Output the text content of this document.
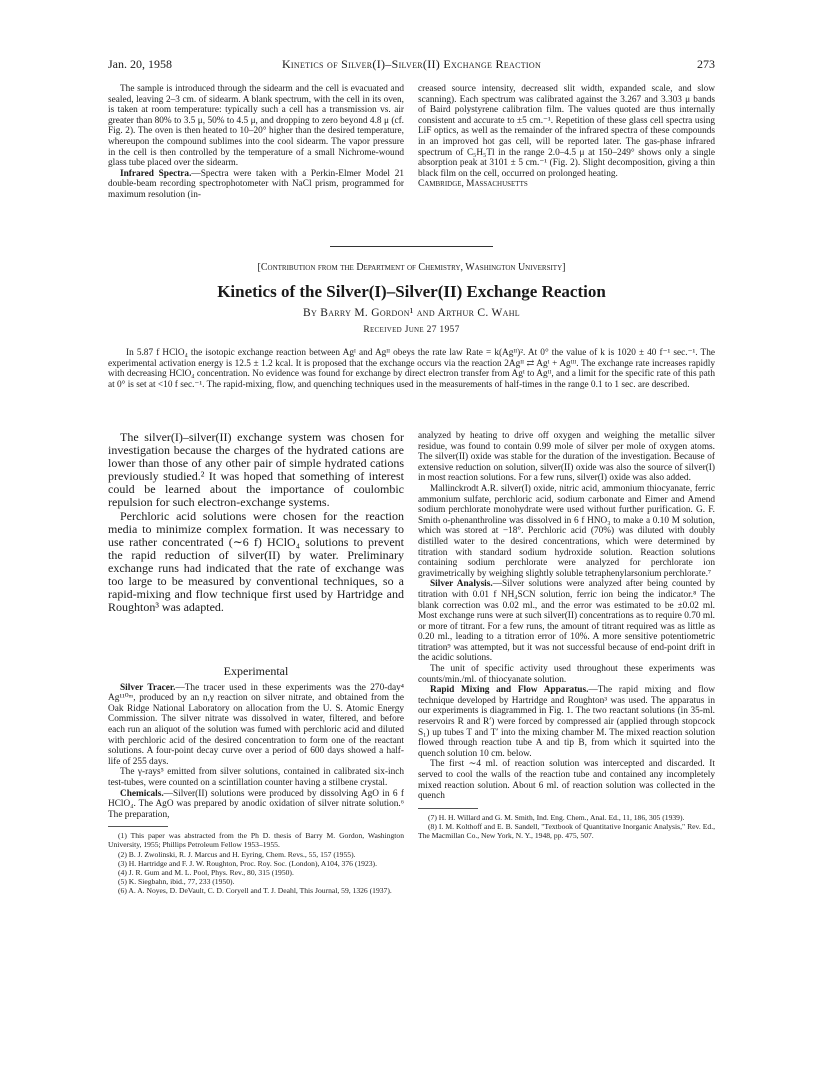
Jan. 20, 1958	Kinetics of Silver(I)–Silver(II) Exchange Reaction	273

The sample is introduced through the sidearm and the cell is evacuated and sealed, leaving 2–3 cm. of sidearm. A blank spectrum, with the cell in its oven, is taken at room temperature: typically such a cell has a transmission vs. air greater than 80% to 3.5 μ, 50% to 4.5 μ, and dropping to zero beyond 4.8 μ (cf. Fig. 2). The oven is then heated to 10–20° higher than the desired temperature, whereupon the compound sublimes into the cool sidearm. The vapor pressure in the cell is then controlled by the temperature of a small Nichrome-wound glass tube placed over the sidearm.

Infrared Spectra.—Spectra were taken with a Perkin-Elmer Model 21 double-beam recording spectrophotometer with NaCl prism, programmed for maximum resolution (in-

creased source intensity, decreased slit width, expanded scale, and slow scanning). Each spectrum was calibrated against the 3.267 and 3.303 μ bands of Baird polystyrene calibration film. The values quoted are thus internally consistent and accurate to ±5 cm.⁻¹. Repetition of these glass cell spectra using LiF optics, as well as the remainder of the infrared spectra of these compounds in an improved hot gas cell, will be reported later. The gas-phase infrared spectrum of C₅H₅Tl in the range 2.0–4.5 μ at 150–249° shows only a single absorption peak at 3101 ± 5 cm.⁻¹ (Fig. 2). Slight decomposition, giving a thin black film on the cell, occurred on prolonged heating.

Cambridge, Massachusetts

[Contribution from the Department of Chemistry, Washington University]
Kinetics of the Silver(I)–Silver(II) Exchange Reaction
By Barry M. Gordon¹ and Arthur C. Wahl
Received June 27 1957
In 5.87 f HClO₄ the isotopic exchange reaction between Agᴵ and Agᴵᴵ obeys the rate law Rate = k(Agᴵᴵ)². At 0° the value of k is 1020 ± 40 f⁻¹ sec.⁻¹. The experimental activation energy is 12.5 ± 1.2 kcal. It is proposed that the exchange occurs via the reaction 2Agᴵᴵ ⇄ Agᴵ + Agᴵᴵᴵ. The exchange rate increases rapidly with decreasing HClO₄ concentration. No evidence was found for exchange by direct electron transfer from Agᴵ to Agᴵᴵ, and a limit for the specific rate of this path at 0° is set at <10 f sec.⁻¹. The rapid-mixing, flow, and quenching techniques used in the measurements of half-times in the range 0.1 to 1 sec. are described.

The silver(I)–silver(II) exchange system was chosen for investigation because the charges of the hydrated cations are lower than those of any other pair of simple hydrated cations previously studied.² It was hoped that something of interest could be learned about the importance of coulombic repulsion for such electron-exchange systems.

Perchloric acid solutions were chosen for the reaction media to minimize complex formation. It was necessary to use rather concentrated (∼6 f) HClO₄ solutions to prevent the rapid reduction of silver(II) by water. Preliminary exchange runs had indicated that the rate of exchange was too large to be measured by conventional techniques, so a rapid-mixing and flow technique first used by Hartridge and Roughton³ was adapted.

Experimental

Silver Tracer.—The tracer used in these experiments was the 270-day⁴ Ag¹¹⁰ᵐ, produced by an n,γ reaction on silver nitrate, and obtained from the Oak Ridge National Laboratory on allocation from the U. S. Atomic Energy Commission. The silver nitrate was dissolved in water, filtered, and before each run an aliquot of the solution was fumed with perchloric acid and diluted with perchloric acid of the desired concentration to form one of the reactant solutions. A four-point decay curve over a period of 600 days showed a half-life of 255 days.

The γ-rays⁵ emitted from silver solutions, contained in calibrated six-inch test-tubes, were counted on a scintillation counter having a stilbene crystal.

Chemicals.—Silver(II) solutions were produced by dissolving AgO in 6 f HClO₄. The AgO was prepared by anodic oxidation of silver nitrate solution.⁶ The preparation,

(1) This paper was abstracted from the Ph D. thesis of Barry M. Gordon, Washington University, 1955; Phillips Petroleum Fellow 1953–1955.

(2) B. J. Zwolinski, R. J. Marcus and H. Eyring, Chem. Revs., 55, 157 (1955).

(3) H. Hartridge and F. J. W. Roughton, Proc. Roy. Soc. (London), A104, 376 (1923).

(4) J. R. Gum and M. L. Pool, Phys. Rev., 80, 315 (1950).

(5) K. Siegbahn, ibid., 77, 233 (1950).

(6) A. A. Noyes, D. DeVault, C. D. Coryell and T. J. Deahl, This Journal, 59, 1326 (1937).

analyzed by heating to drive off oxygen and weighing the metallic silver residue, was found to contain 0.99 mole of silver per mole of oxygen atoms. The silver(II) oxide was stable for the duration of the investigation. Because of extensive reduction on solution, silver(II) oxide was also the source of silver(I) in most reaction solutions. For a few runs, silver(I) oxide was also added.

Mallinckrodt A.R. silver(I) oxide, nitric acid, ammonium thiocyanate, ferric ammonium sulfate, perchloric acid, sodium carbonate and Eimer and Amend sodium perchlorate monohydrate were used without further purification. G. F. Smith o-phenanthroline was dissolved in 6 f HNO₃ to make a 0.10 M solution, which was stored at −18°. Perchloric acid (70%) was diluted with doubly distilled water to the desired concentrations, which were determined by titration with standard sodium hydroxide solution. Reaction solutions containing sodium perchlorate were analyzed for perchlorate ion gravimetrically by weighing slightly soluble tetraphenylarsonium perchlorate.⁷

Silver Analysis.—Silver solutions were analyzed after being counted by titration with 0.01 f NH₄SCN solution, ferric ion being the indicator.⁸ The blank correction was 0.02 ml., and the error was estimated to be ±0.02 ml. Most exchange runs were at such silver(II) concentrations as to require 0.70 ml. or more of titrant. For a few runs, the amount of titrant required was as little as 0.20 ml., leading to a titration error of 10%. A more sensitive potentiometric titration⁹ was attempted, but it was not successful because of end-point drift in the acidic solutions.

The unit of specific activity used throughout these experiments was counts/min./ml. of thiocyanate solution.

Rapid Mixing and Flow Apparatus.—The rapid mixing and flow technique developed by Hartridge and Roughton³ was used. The apparatus in our experiments is diagrammed in Fig. 1. The two reactant solutions (in 35-ml. reservoirs R and R′) were forced by compressed air (applied through stopcock S₁) up tubes T and T′ into the mixing chamber M. The mixed reaction solution flowed through reaction tube A and tip B, from which it squirted into the quench solution 10 cm. below.

The first ∼4 ml. of reaction solution was intercepted and discarded. It served to cool the walls of the reaction tube and contained any incompletely mixed reaction solution. About 6 ml. of reaction solution was collected in the quench

(7) H. H. Willard and G. M. Smith, Ind. Eng. Chem., Anal. Ed., 11, 186, 305 (1939).

(8) I. M. Kolthoff and E. B. Sandell, "Textbook of Quantitative Inorganic Analysis," Rev. Ed., The Macmillan Co., New York, N. Y., 1948, pp. 475, 507.
